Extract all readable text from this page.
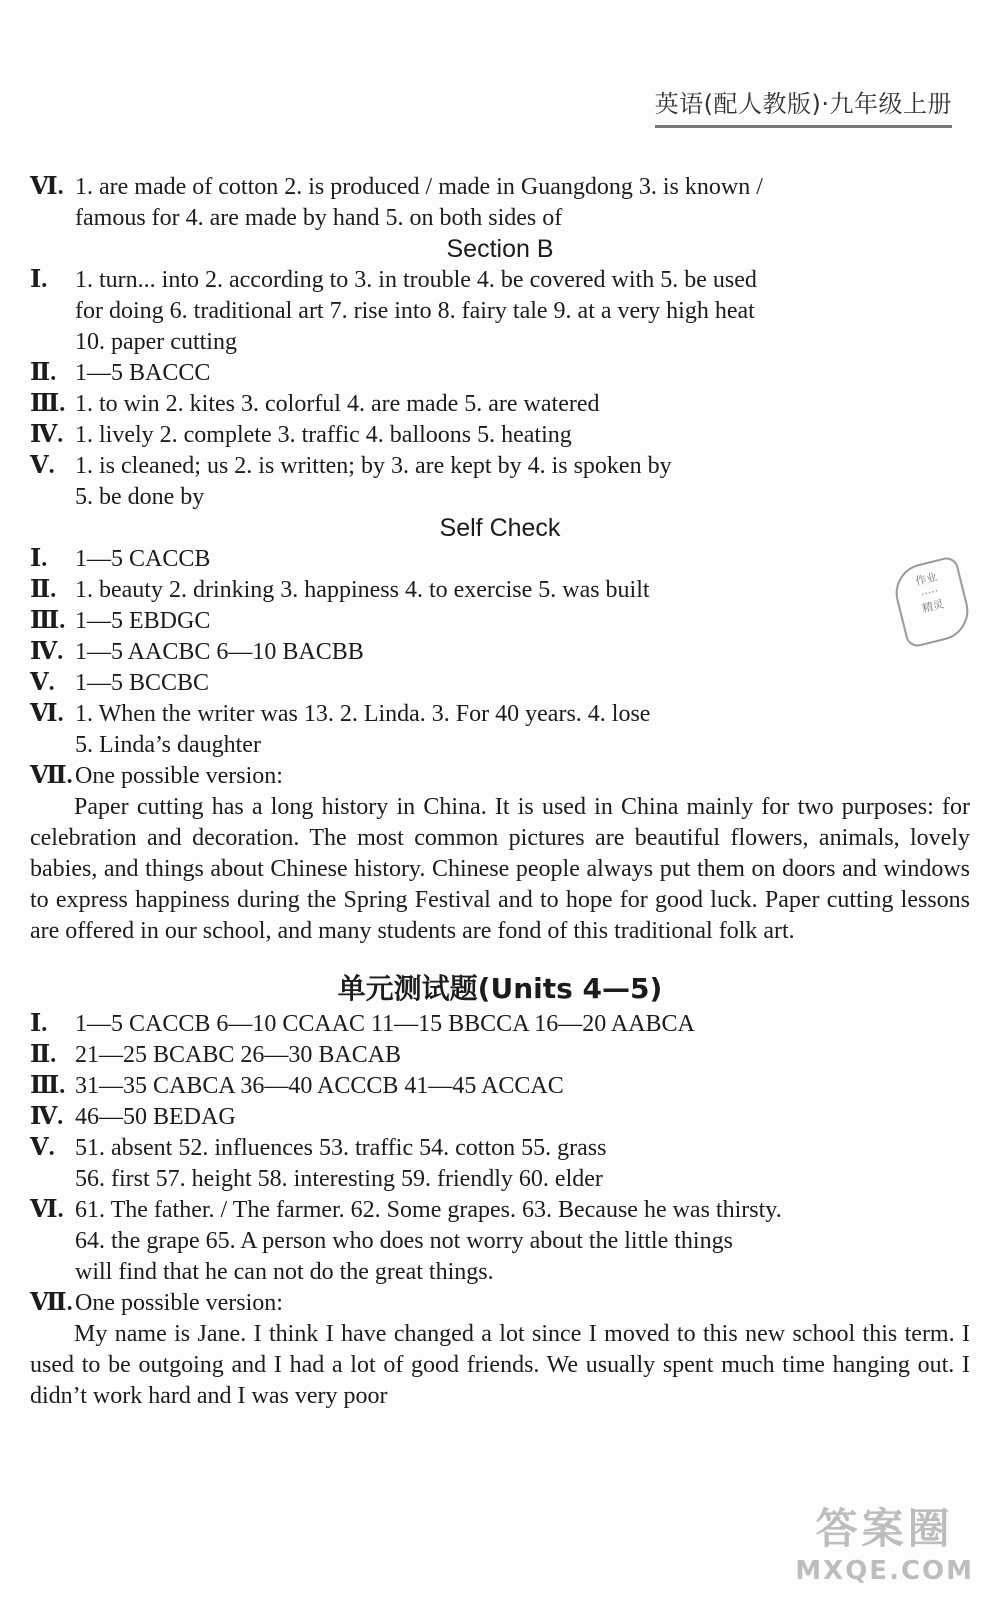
英语(配人教版)·九年级上册
作业
·····
精灵
Ⅵ. 1. are made of cotton 2. is produced / made in Guangdong 3. is known /
famous for 4. are made by hand 5. on both sides of
Section B
Ⅰ. 1. turn... into 2. according to 3. in trouble 4. be covered with 5. be used
for doing 6. traditional art 7. rise into 8. fairy tale 9. at a very high heat
10. paper cutting
Ⅱ. 1—5 BACCC
Ⅲ. 1. to win 2. kites 3. colorful 4. are made 5. are watered
Ⅳ. 1. lively 2. complete 3. traffic 4. balloons 5. heating
Ⅴ. 1. is cleaned; us 2. is written; by 3. are kept by 4. is spoken by
5. be done by
Self Check
Ⅰ. 1—5 CACCB
Ⅱ. 1. beauty 2. drinking 3. happiness 4. to exercise 5. was built
Ⅲ. 1—5 EBDGC
Ⅳ. 1—5 AACBC 6—10 BACBB
Ⅴ. 1—5 BCCBC
Ⅵ. 1. When the writer was 13. 2. Linda. 3. For 40 years. 4. lose
5. Linda’s daughter
Ⅶ. One possible version:

Paper cutting has a long history in China. It is used in China mainly for two purposes: for celebration and decoration. The most common pictures are beautiful flowers, animals, lovely babies, and things about Chinese history. Chinese people always put them on doors and windows to express happiness during the Spring Festival and to hope for good luck. Paper cutting lessons are offered in our school, and many students are fond of this traditional folk art.

单元测试题(Units 4—5)
Ⅰ. 1—5 CACCB 6—10 CCAAC 11—15 BBCCA 16—20 AABCA
Ⅱ. 21—25 BCABC 26—30 BACAB
Ⅲ. 31—35 CABCA 36—40 ACCCB 41—45 ACCAC
Ⅳ. 46—50 BEDAG
Ⅴ. 51. absent 52. influences 53. traffic 54. cotton 55. grass
56. first 57. height 58. interesting 59. friendly 60. elder
Ⅵ. 61. The father. / The farmer. 62. Some grapes. 63. Because he was thirsty.
64. the grape 65. A person who does not worry about the little things
will find that he can not do the great things.
Ⅶ. One possible version:

My name is Jane. I think I have changed a lot since I moved to this new school this term. I used to be outgoing and I had a lot of good friends. We usually spent much time hanging out. I didn’t work hard and I was very poor

答案圈
MXQE.COM
